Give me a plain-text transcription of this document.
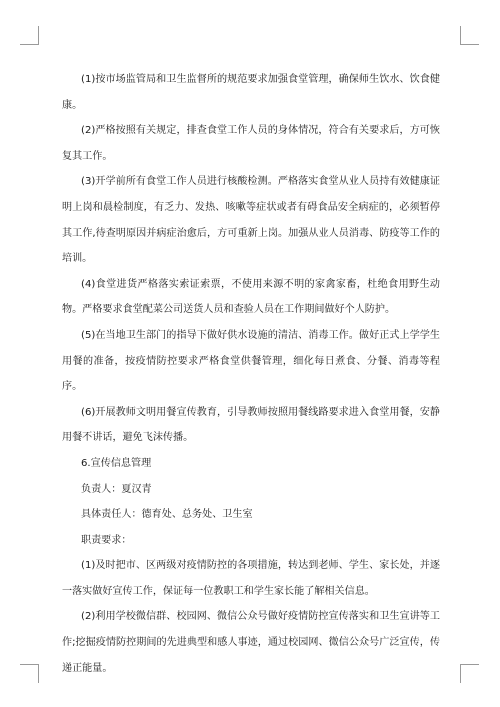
(1)按市场监管局和卫生监督所的规范要求加强食堂管理，确保师生饮水、饮食健康。

(2)严格按照有关规定，排查食堂工作人员的身体情况，符合有关要求后，方可恢复其工作。

(3)开学前所有食堂工作人员进行核酸检测。严格落实食堂从业人员持有效健康证明上岗和晨检制度，有乏力、发热、咳嗽等症状或者有碍食品安全病症的，必须暂停其工作,待查明原因并病症治愈后，方可重新上岗。加强从业人员消毒、防疫等工作的培训。

(4)食堂进货严格落实索证索票，不使用来源不明的家禽家畜，杜绝食用野生动物。严格要求食堂配菜公司送货人员和查验人员在工作期间做好个人防护。

(5)在当地卫生部门的指导下做好供水设施的清洁、消毒工作。做好正式上学学生用餐的准备，按疫情防控要求严格食堂供餐管理，细化每日煮食、分餐、消毒等程序。

(6)开展教师文明用餐宣传教育，引导教师按照用餐线路要求进入食堂用餐，安静用餐不讲话，避免飞沫传播。

6.宣传信息管理

负责人：夏汉青

具体责任人：德育处、总务处、卫生室

职责要求：

(1)及时把市、区两级对疫情防控的各项措施，转达到老师、学生、家长处，并逐一落实做好宣传工作，保证每一位教职工和学生家长能了解相关信息。

(2)利用学校微信群、校园网、微信公众号做好疫情防控宣传落实和卫生宣讲等工作;挖掘疫情防控期间的先进典型和感人事迹，通过校园网、微信公众号广泛宣传，传递正能量。
